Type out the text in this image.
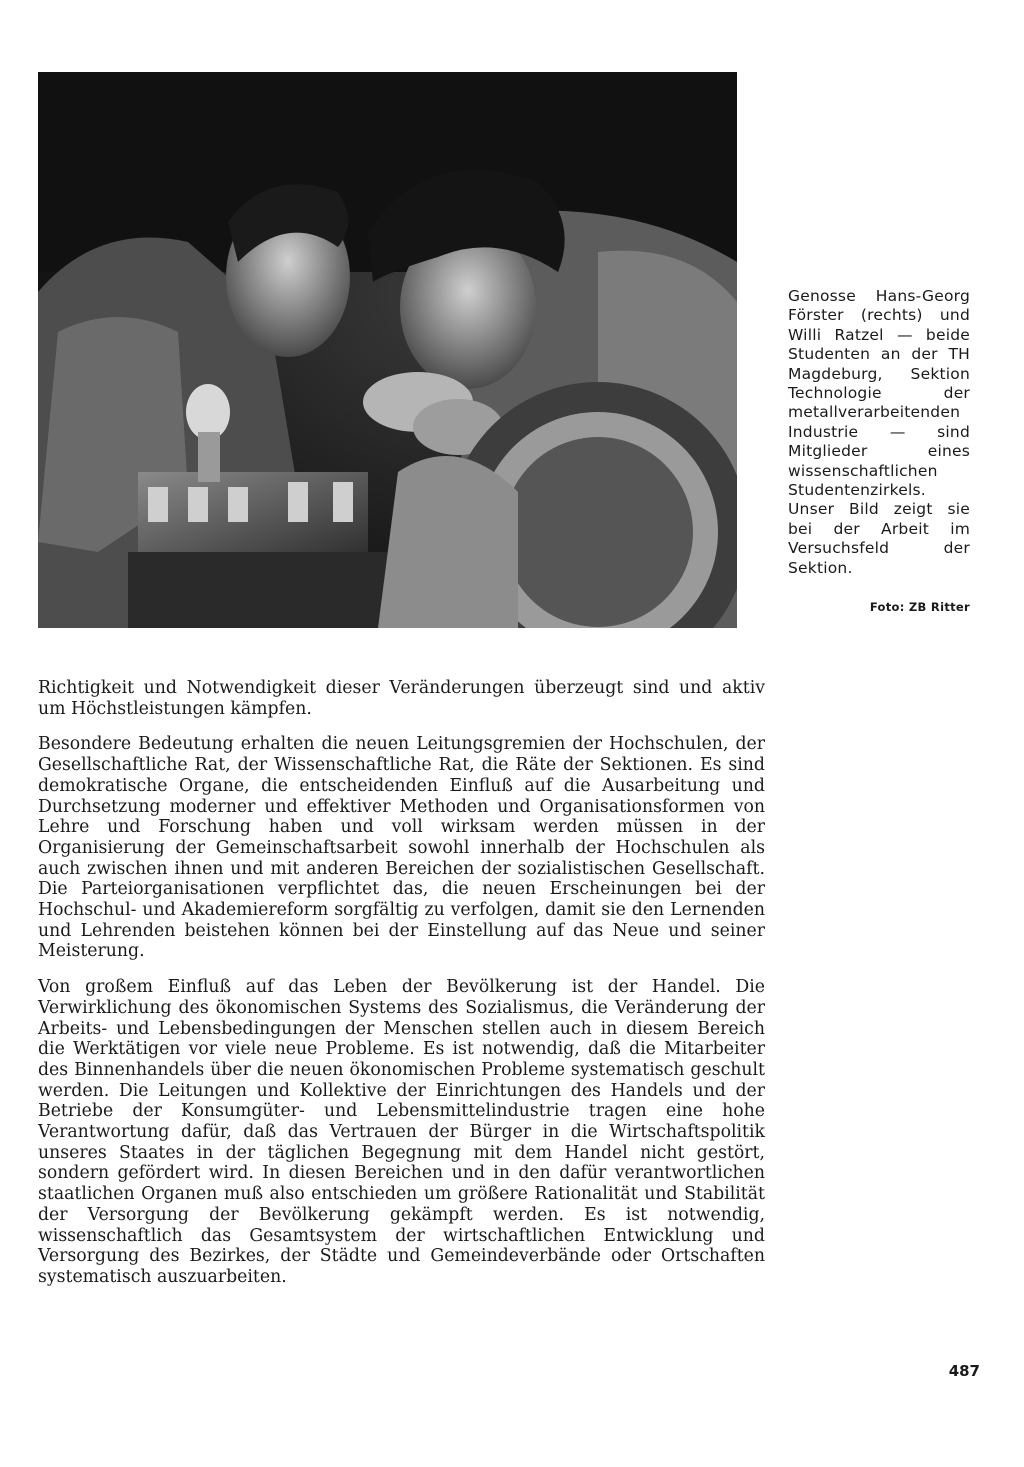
Genosse Hans-Georg Förster (rechts) und Willi Ratzel — beide Studenten an der TH Magdeburg, Sektion Technologie der metallverarbeitenden Industrie — sind Mitglieder eines wissenschaftlichen Studentenzirkels. Unser Bild zeigt sie bei der Arbeit im Versuchsfeld der Sektion.
Foto: ZB Ritter

Richtigkeit und Notwendigkeit dieser Veränderungen überzeugt sind und aktiv um Höchstleistungen kämpfen.

Besondere Bedeutung erhalten die neuen Leitungsgremien der Hochschulen, der Gesellschaftliche Rat, der Wissenschaftliche Rat, die Räte der Sektionen. Es sind demokratische Organe, die entscheidenden Einfluß auf die Ausarbeitung und Durchsetzung moderner und effektiver Methoden und Organisationsformen von Lehre und Forschung haben und voll wirksam werden müssen in der Organisierung der Gemeinschaftsarbeit sowohl innerhalb der Hochschulen als auch zwischen ihnen und mit anderen Bereichen der sozialistischen Gesellschaft. Die Parteiorganisationen verpflichtet das, die neuen Erscheinungen bei der Hochschul- und Akademiereform sorgfältig zu verfolgen, damit sie den Lernenden und Lehrenden beistehen können bei der Einstellung auf das Neue und seiner Meisterung.

Von großem Einfluß auf das Leben der Bevölkerung ist der Handel. Die Verwirklichung des ökonomischen Systems des Sozialismus, die Veränderung der Arbeits- und Lebensbedingungen der Menschen stellen auch in diesem Bereich die Werktätigen vor viele neue Probleme. Es ist notwendig, daß die Mitarbeiter des Binnenhandels über die neuen ökonomischen Probleme systematisch geschult werden. Die Leitungen und Kollektive der Einrichtungen des Handels und der Betriebe der Konsumgüter- und Lebensmittelindustrie tragen eine hohe Verantwortung dafür, daß das Vertrauen der Bürger in die Wirtschaftspolitik unseres Staates in der täglichen Begegnung mit dem Handel nicht gestört, sondern gefördert wird. In diesen Bereichen und in den dafür verantwortlichen staatlichen Organen muß also entschieden um größere Rationalität und Stabilität der Versorgung der Bevölkerung gekämpft werden. Es ist notwendig, wissenschaftlich das Gesamtsystem der wirtschaftlichen Entwicklung und Versorgung des Bezirkes, der Städte und Gemeindeverbände oder Ortschaften systematisch auszuarbeiten.

487
